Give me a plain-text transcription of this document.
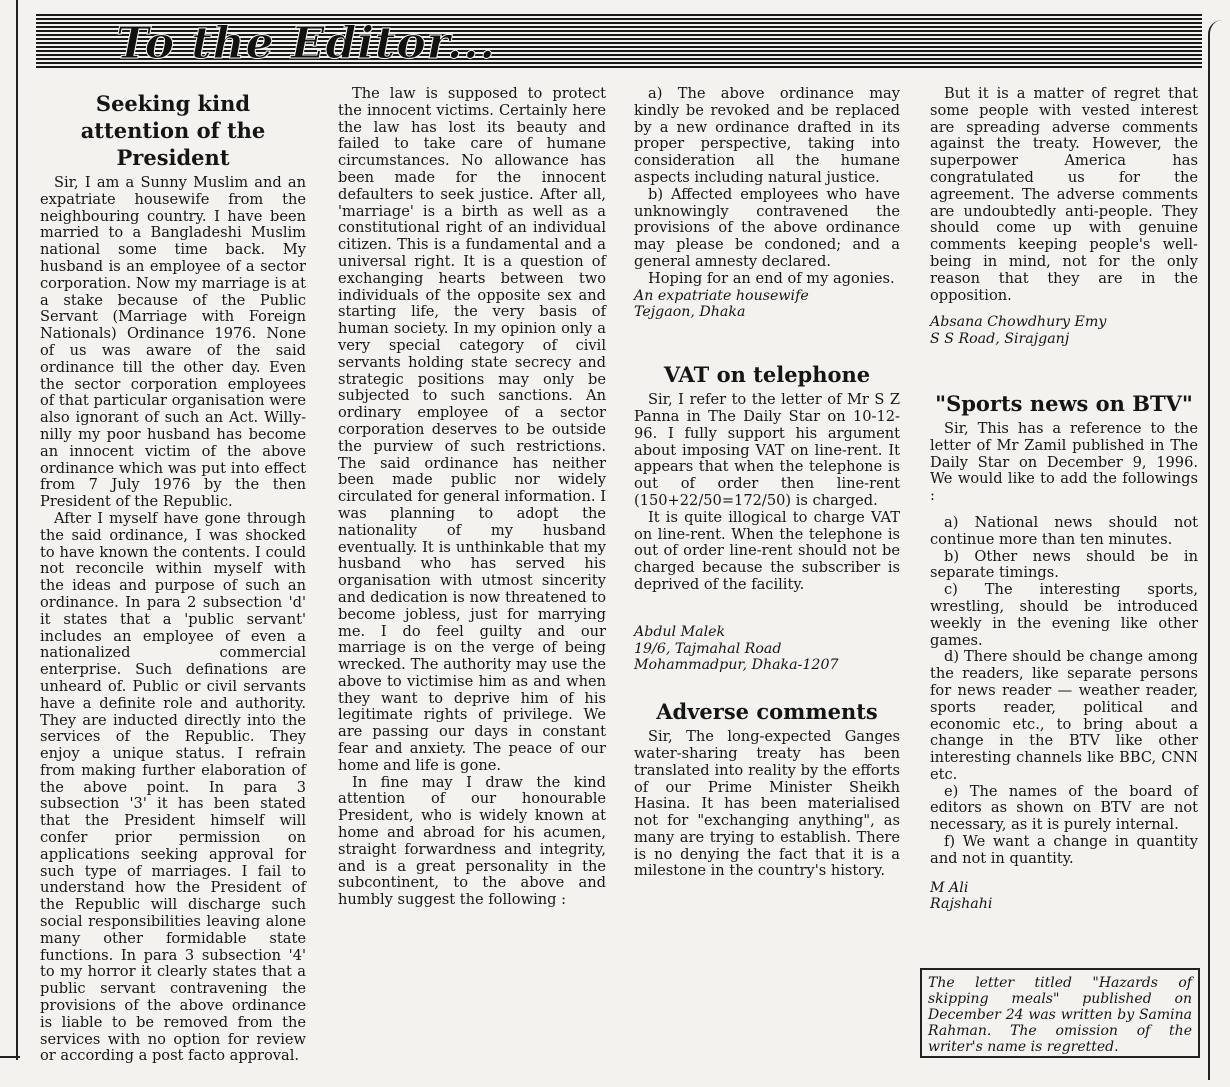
To the Editor...
Seeking kind attention of the President

Sir, I am a Sunny Muslim and an expatriate housewife from the neighbouring country. I have been married to a Bangladeshi Muslim national some time back. My husband is an employee of a sector corporation. Now my marriage is at a stake because of the Public Servant (Marriage with Foreign Nationals) Ordinance 1976. None of us was aware of the said ordinance till the other day. Even the sector corporation employees of that particular organisation were also ignorant of such an Act. Willy-nilly my poor husband has become an innocent victim of the above ordinance which was put into effect from 7 July 1976 by the then President of the Republic.

After I myself have gone through the said ordinance, I was shocked to have known the contents. I could not reconcile within myself with the ideas and purpose of such an ordinance. In para 2 subsection 'd' it states that a 'public servant' includes an employee of even a nationalized commercial enterprise. Such definations are unheard of. Public or civil servants have a definite role and authority. They are inducted directly into the services of the Republic. They enjoy a unique status. I refrain from making further elaboration of the above point. In para 3 subsection '3' it has been stated that the President himself will confer prior permission on applications seeking approval for such type of marriages. I fail to understand how the President of the Republic will discharge such social responsibilities leaving alone many other formidable state functions. In para 3 subsection '4' to my horror it clearly states that a public servant contravening the provisions of the above ordinance is liable to be removed from the services with no option for review or according a post facto approval.

The law is supposed to protect the innocent victims. Certainly here the law has lost its beauty and failed to take care of humane circumstances. No allowance has been made for the innocent defaulters to seek justice. After all, 'marriage' is a birth as well as a constitutional right of an individual citizen. This is a fundamental and a universal right. It is a question of exchanging hearts between two individuals of the opposite sex and starting life, the very basis of human society. In my opinion only a very special category of civil servants holding state secrecy and strategic positions may only be subjected to such sanctions. An ordinary employee of a sector corporation deserves to be outside the purview of such restrictions. The said ordinance has neither been made public nor widely circulated for general information. I was planning to adopt the nationality of my husband eventually. It is unthinkable that my husband who has served his organisation with utmost sincerity and dedication is now threatened to become jobless, just for marrying me. I do feel guilty and our marriage is on the verge of being wrecked. The authority may use the above to victimise him as and when they want to deprive him of his legitimate rights of privilege. We are passing our days in constant fear and anxiety. The peace of our home and life is gone.

In fine may I draw the kind attention of our honourable President, who is widely known at home and abroad for his acumen, straight forwardness and integrity, and is a great personality in the subcontinent, to the above and humbly suggest the following :

a) The above ordinance may kindly be revoked and be replaced by a new ordinance drafted in its proper perspective, taking into consideration all the humane aspects including natural justice.

b) Affected employees who have unknowingly contravened the provisions of the above ordinance may please be condoned; and a general amnesty declared.

Hoping for an end of my agonies.

An expatriate housewife

Tejgaon, Dhaka

VAT on telephone

Sir, I refer to the letter of Mr S Z Panna in The Daily Star on 10-12-96. I fully support his argument about imposing VAT on line-rent. It appears that when the telephone is out of order then line-rent (150+22/50=172/50) is charged.

It is quite illogical to charge VAT on line-rent. When the telephone is out of order line-rent should not be charged because the subscriber is deprived of the facility.

Abdul Malek

19/6, Tajmahal Road

Mohammadpur, Dhaka-1207

Adverse comments

Sir, The long-expected Ganges water-sharing treaty has been translated into reality by the efforts of our Prime Minister Sheikh Hasina. It has been materialised not for "exchanging anything", as many are trying to establish. There is no denying the fact that it is a milestone in the country's history.

But it is a matter of regret that some people with vested interest are spreading adverse comments against the treaty. However, the superpower America has congratulated us for the agreement. The adverse comments are undoubtedly anti-people. They should come up with genuine comments keeping people's well-being in mind, not for the only reason that they are in the opposition.

Absana Chowdhury Emy

S S Road, Sirajganj

"Sports news on BTV"

Sir, This has a reference to the letter of Mr Zamil published in The Daily Star on December 9, 1996. We would like to add the followings :

a) National news should not continue more than ten minutes.

b) Other news should be in separate timings.

c) The interesting sports, wrestling, should be introduced weekly in the evening like other games.

d) There should be change among the readers, like separate persons for news reader — weather reader, sports reader, political and economic etc., to bring about a change in the BTV like other interesting channels like BBC, CNN etc.

e) The names of the board of editors as shown on BTV are not necessary, as it is purely internal.

f) We want a change in quantity and not in quantity.

M Ali

Rajshahi

The letter titled "Hazards of skipping meals" published on December 24 was written by Samina Rahman. The omission of the writer's name is regretted.
